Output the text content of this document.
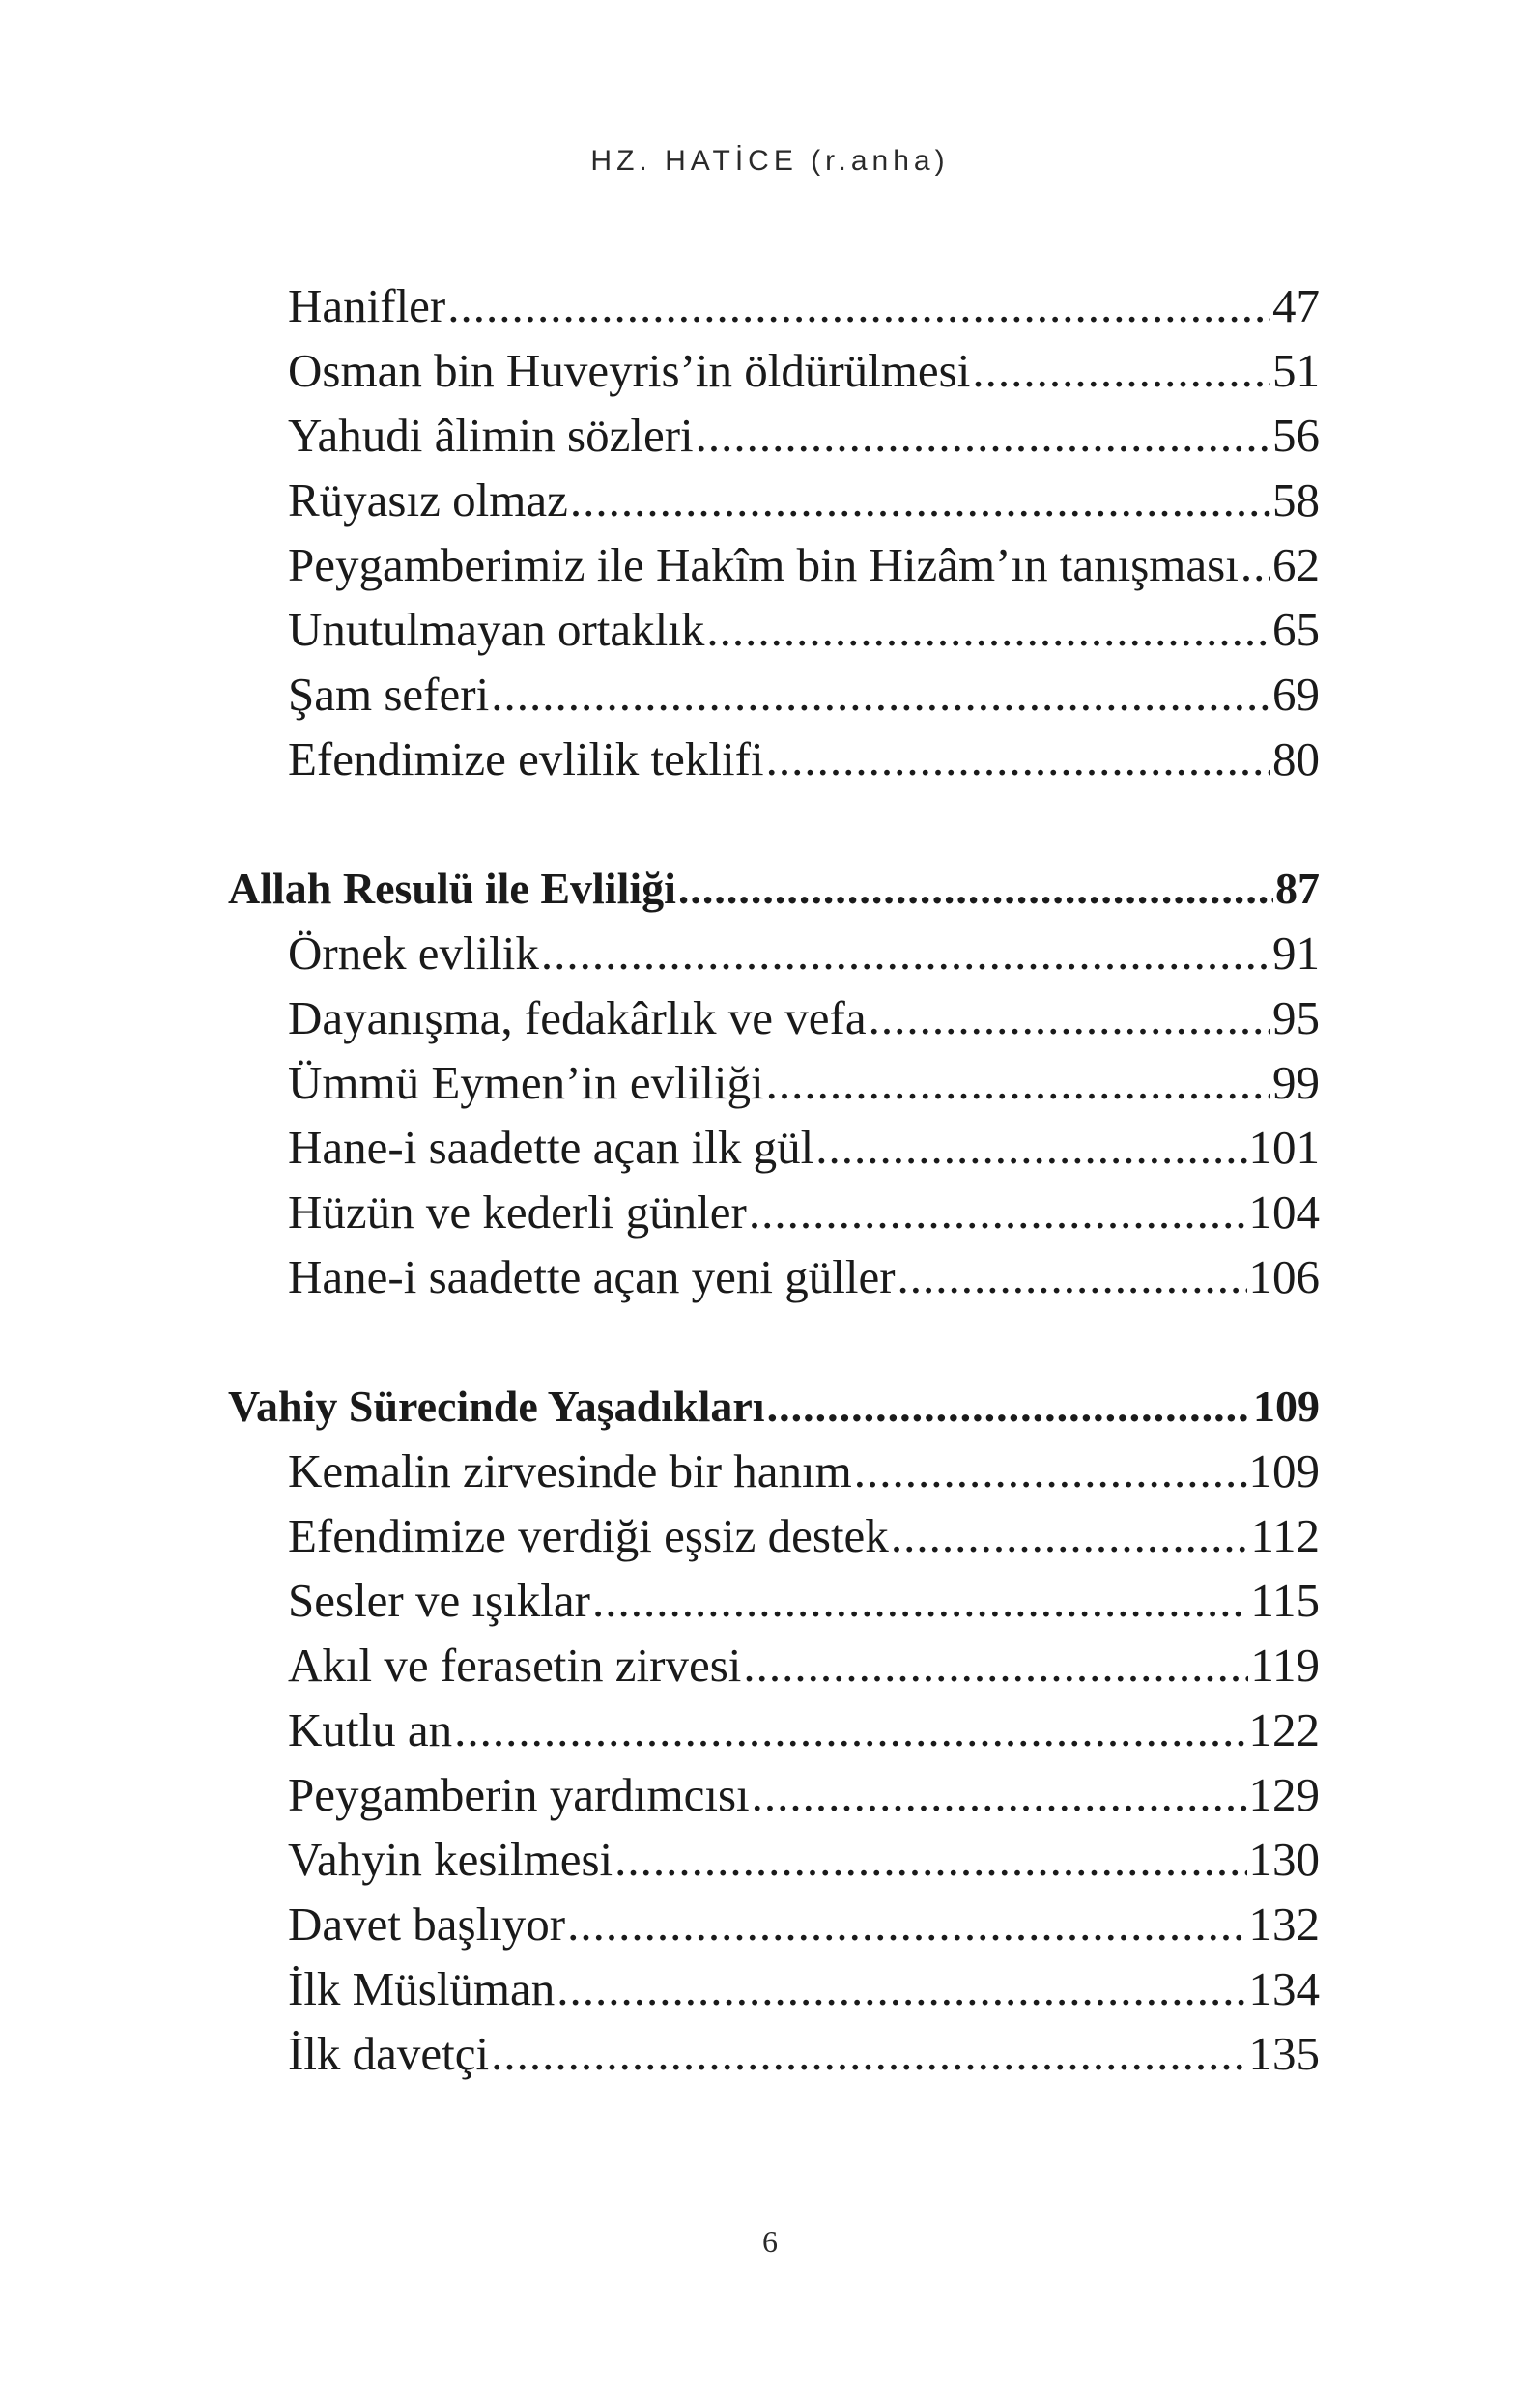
HZ. HATİCE (r.anha)
Hanifler .....	47
Osman bin Huveyris’in öldürülmesi .....	51
Yahudi âlimin sözleri .....	56
Rüyasız olmaz .....	58
Peygamberimiz ile Hakîm bin Hizâm’ın tanışması ..... 62
Unutulmayan ortaklık .....	65
Şam seferi .....	69
Efendimize evlilik teklifi .....	80
Allah Resulü ile Evliliği .....	87
Örnek evlilik .....	91
Dayanışma, fedakârlık ve vefa .....	95
Ümmü Eymen’in evliliği .....	99
Hane-i saadette açan ilk gül .....	101
Hüzün ve kederli günler .....	104
Hane-i saadette açan yeni güller .....	106
Vahiy Sürecinde Yaşadıkları .....	109
Kemalin zirvesinde bir hanım .....	109
Efendimize verdiği eşsiz destek .....	112
Sesler ve ışıklar .....	115
Akıl ve ferasetin zirvesi .....	119
Kutlu an .....	122
Peygamberin yardımcısı .....	129
Vahyin kesilmesi .....	130
Davet başlıyor .....	132
İlk Müslüman .....	134
İlk davetçi .....	135
6
